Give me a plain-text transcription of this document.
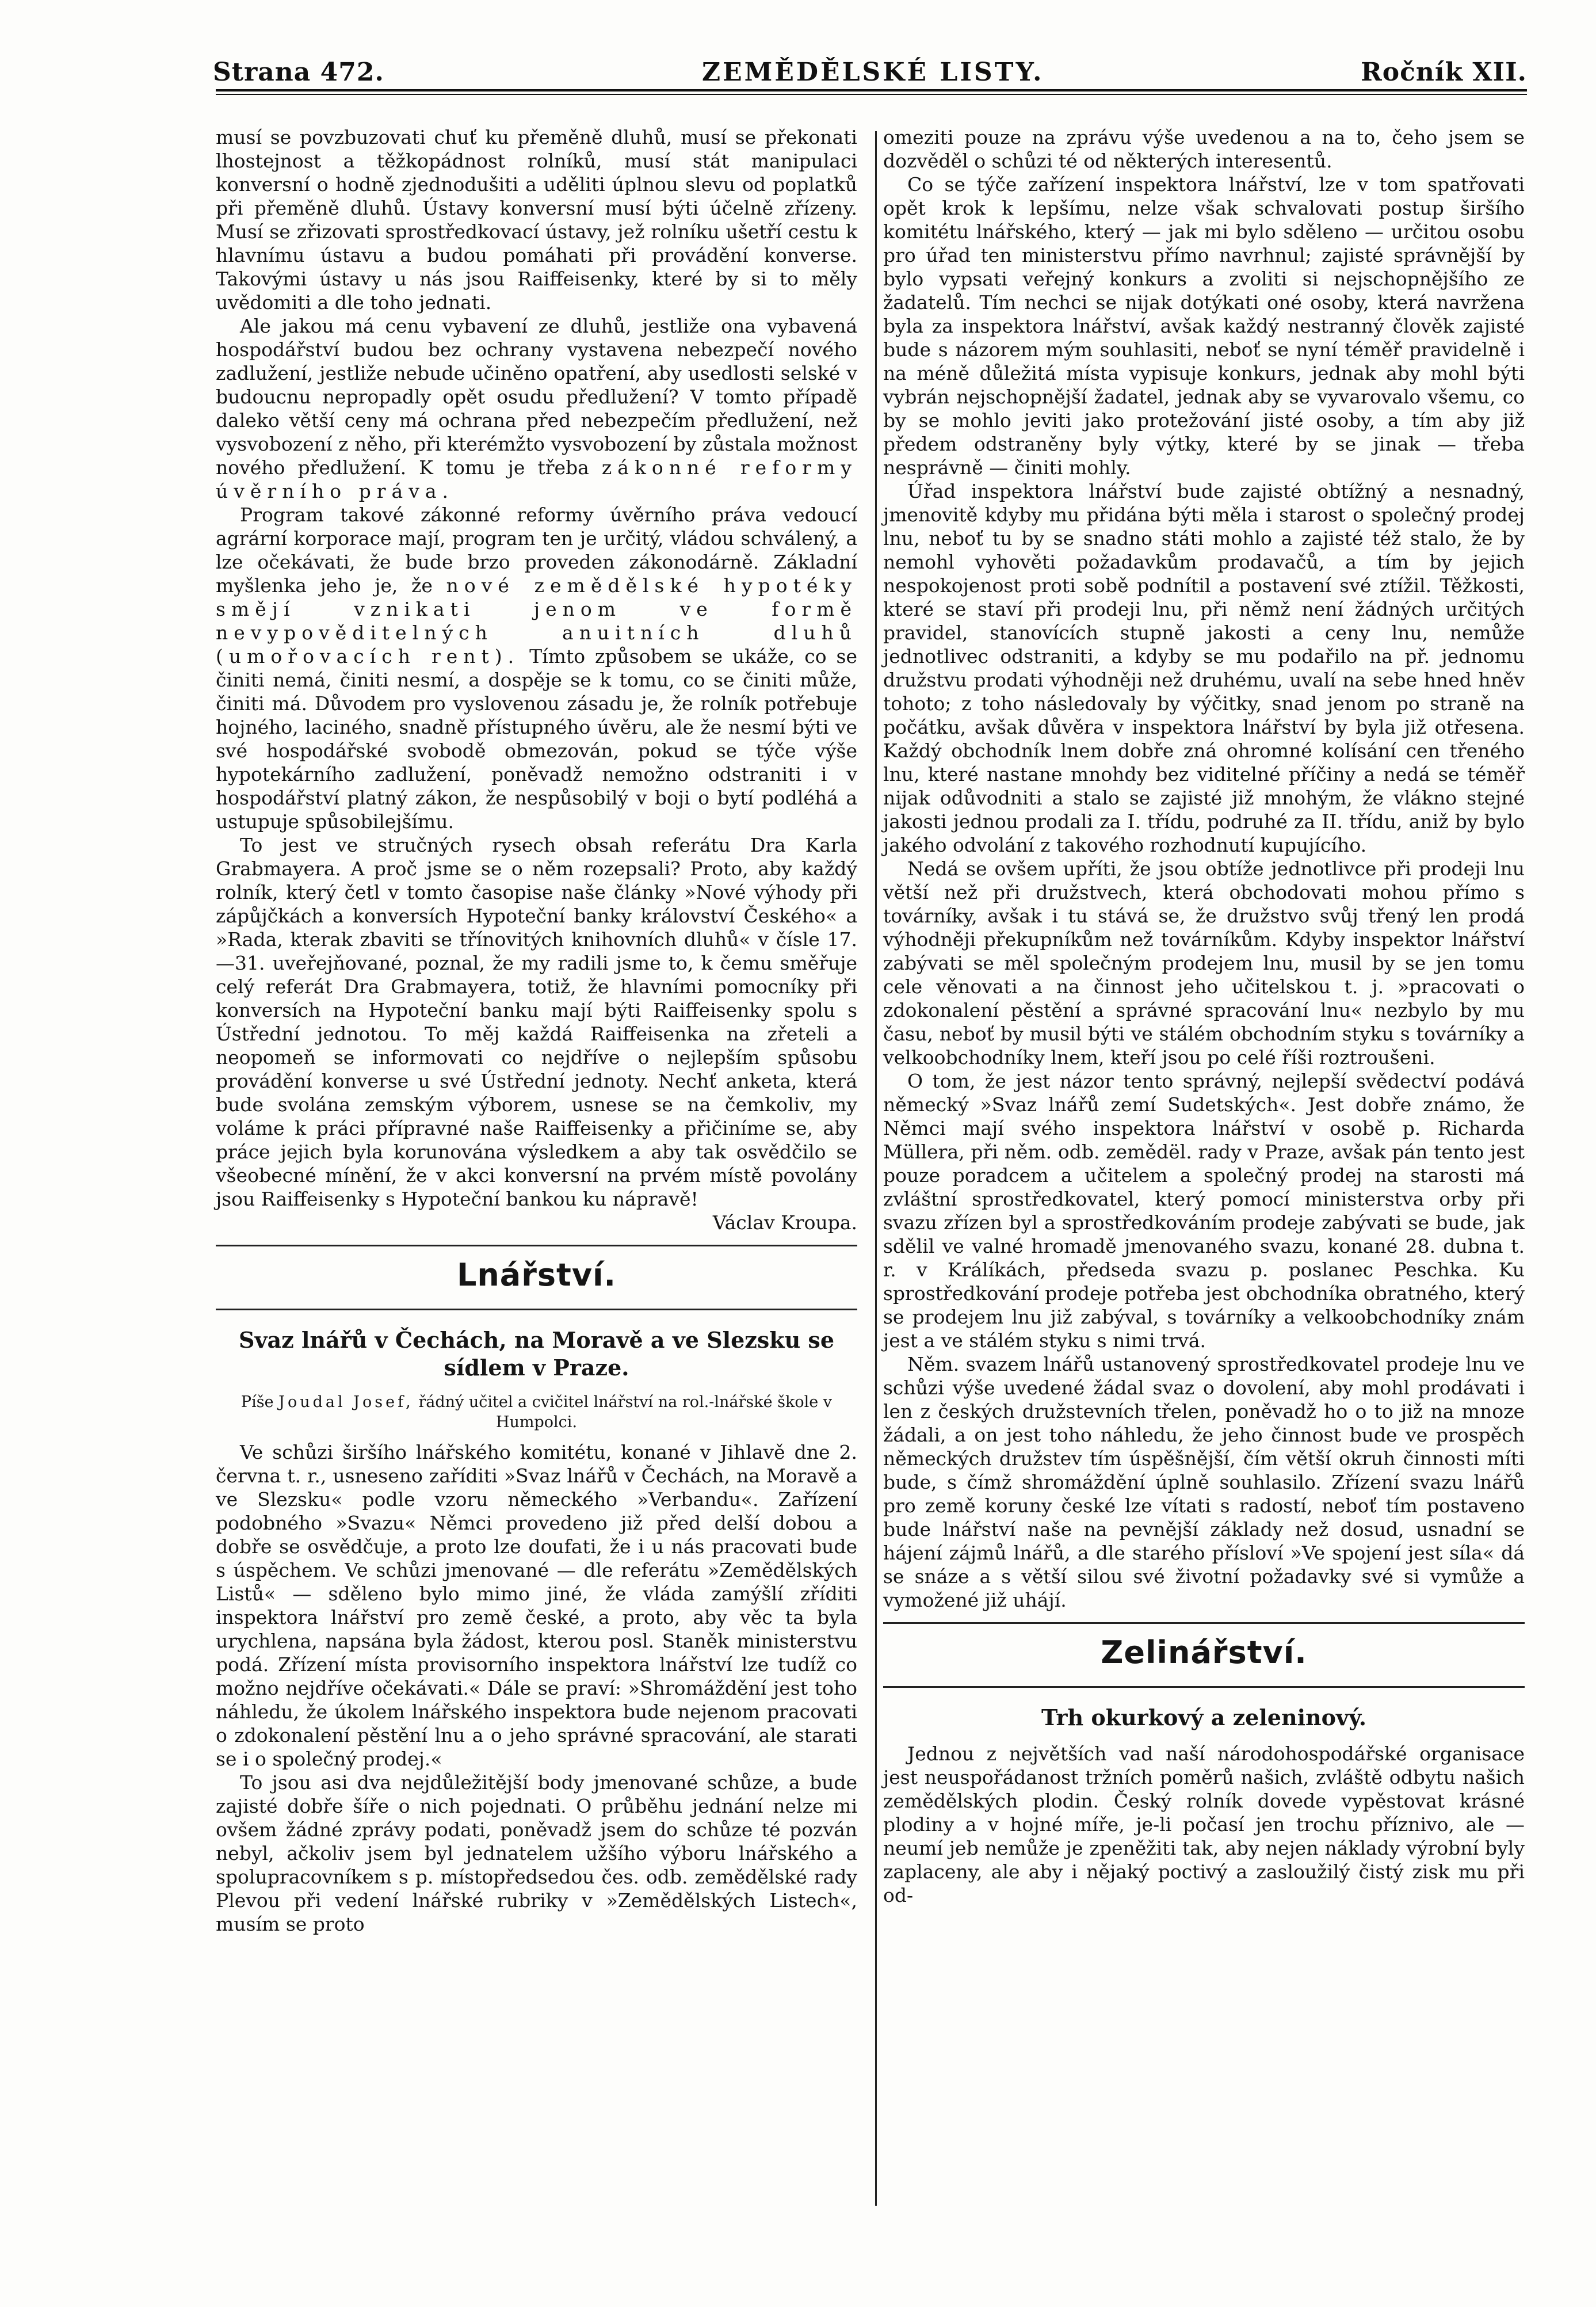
Strana 472.	ZEMĚDĚLSKÉ LISTY.	Ročník XII.

musí se povzbuzovati chuť ku přeměně dluhů, musí se překonati lhostejnost a těžkopádnost rolníků, musí stát manipulaci konversní o hodně zjednodušiti a uděliti úplnou slevu od poplatků při přeměně dluhů. Ústavy konversní musí býti účelně zřízeny. Musí se zřizovati sprostředkovací ústavy, jež rolníku ušetří cestu k hlavnímu ústavu a budou pomáhati při provádění konverse. Takovými ústavy u nás jsou Raiffeisenky, které by si to měly uvědomiti a dle toho jednati.

Ale jakou má cenu vybavení ze dluhů, jestliže ona vybavená hospodářství budou bez ochrany vystavena nebezpečí nového zadlužení, jestliže nebude učiněno opatření, aby usedlosti selské v budoucnu nepropadly opět osudu předlužení? V tomto případě daleko větší ceny má ochrana před nebezpečím předlužení, než vysvobození z něho, při kterémžto vysvobození by zůstala možnost nového předlužení. K tomu je třeba zákonné reformy úvěrního práva.

Program takové zákonné reformy úvěrního práva vedoucí agrární korporace mají, program ten je určitý, vládou schválený, a lze očekávati, že bude brzo proveden zákonodárně. Základní myšlenka jeho je, že nové zemědělské hypotéky smějí vznikati jenom ve formě nevypověditelných anuitních dluhů (umořovacích rent). Tímto způsobem se ukáže, co se činiti nemá, činiti nesmí, a dospěje se k tomu, co se činiti může, činiti má. Důvodem pro vyslovenou zásadu je, že rolník potřebuje hojného, laciného, snadně přístupného úvěru, ale že nesmí býti ve své hospodářské svobodě obmezován, pokud se týče výše hypotekárního zadlužení, poněvadž nemožno odstraniti i v hospodářství platný zákon, že nespůsobilý v boji o bytí podléhá a ustupuje spůsobilejšímu.

To jest ve stručných rysech obsah referátu Dra Karla Grabmayera. A proč jsme se o něm rozepsali? Proto, aby každý rolník, který četl v tomto časopise naše články »Nové výhody při zápůjčkách a konversích Hypoteční banky království Českého« a »Rada, kterak zbaviti se třínovitých knihovních dluhů« v čísle 17.—31. uveřejňované, poznal, že my radili jsme to, k čemu směřuje celý referát Dra Grabmayera, totiž, že hlavními pomocníky při konversích na Hypoteční banku mají býti Raiffeisenky spolu s Ústřední jednotou. To měj každá Raiffeisenka na zřeteli a neopomeň se informovati co nejdříve o nejlepším spůsobu provádění konverse u své Ústřední jednoty. Nechť anketa, která bude svolána zemským výborem, usnese se na čemkoliv, my voláme k práci přípravné naše Raiffeisenky a přičiníme se, aby práce jejich byla korunována výsledkem a aby tak osvědčilo se všeobecné mínění, že v akci konversní na prvém místě povolány jsou Raiffeisenky s Hypoteční bankou ku nápravě!

Václav Kroupa.

Lnářství.
Svaz lnářů v Čechách, na Moravě a ve Slezsku se sídlem v Praze.
Píše Joudal Josef, řádný učitel a cvičitel lnářství na rol.-lnářské škole v Humpolci.

Ve schůzi širšího lnářského komitétu, konané v Jihlavě dne 2. června t. r., usneseno zaříditi »Svaz lnářů v Čechách, na Moravě a ve Slezsku« podle vzoru německého »Verbandu«. Zařízení podobného »Svazu« Němci provedeno již před delší dobou a dobře se osvědčuje, a proto lze doufati, že i u nás pracovati bude s úspěchem. Ve schůzi jmenované — dle referátu »Zemědělských Listů« — sděleno bylo mimo jiné, že vláda zamýšlí zříditi inspektora lnářství pro země české, a proto, aby věc ta byla urychlena, napsána byla žádost, kterou posl. Staněk ministerstvu podá. Zřízení místa provisorního inspektora lnářství lze tudíž co možno nejdříve očekávati.« Dále se praví: »Shromáždění jest toho náhledu, že úkolem lnářského inspektora bude nejenom pracovati o zdokonalení pěstění lnu a o jeho správné spracování, ale starati se i o společný prodej.«

To jsou asi dva nejdůležitější body jmenované schůze, a bude zajisté dobře šíře o nich pojednati. O průběhu jednání nelze mi ovšem žádné zprávy podati, poněvadž jsem do schůze té pozván nebyl, ačkoliv jsem byl jednatelem užšího výboru lnářského a spolupracovníkem s p. místopředsedou čes. odb. zemědělské rady Plevou při vedení lnářské rubriky v »Zemědělských Listech«, musím se proto

omeziti pouze na zprávu výše uvedenou a na to, čeho jsem se dozvěděl o schůzi té od některých interesentů.

Co se týče zařízení inspektora lnářství, lze v tom spatřovati opět krok k lepšímu, nelze však schvalovati postup širšího komitétu lnářského, který — jak mi bylo sděleno — určitou osobu pro úřad ten ministerstvu přímo navrhnul; zajisté správnější by bylo vypsati veřejný konkurs a zvoliti si nejschopnějšího ze žadatelů. Tím nechci se nijak dotýkati oné osoby, která navržena byla za inspektora lnářství, avšak každý nestranný člověk zajisté bude s názorem mým souhlasiti, neboť se nyní téměř pravidelně i na méně důležitá místa vypisuje konkurs, jednak aby mohl býti vybrán nejschopnější žadatel, jednak aby se vyvarovalo všemu, co by se mohlo jeviti jako protežování jisté osoby, a tím aby již předem odstraněny byly výtky, které by se jinak — třeba nesprávně — činiti mohly.

Úřad inspektora lnářství bude zajisté obtížný a nesnadný, jmenovitě kdyby mu přidána býti měla i starost o společný prodej lnu, neboť tu by se snadno státi mohlo a zajisté též stalo, že by nemohl vyhověti požadavkům prodavačů, a tím by jejich nespokojenost proti sobě podnítil a postavení své ztížil. Těžkosti, které se staví při prodeji lnu, při němž není žádných určitých pravidel, stanovících stupně jakosti a ceny lnu, nemůže jednotlivec odstraniti, a kdyby se mu podařilo na př. jednomu družstvu prodati výhodněji než druhému, uvalí na sebe hned hněv tohoto; z toho následovaly by výčitky, snad jenom po straně na počátku, avšak důvěra v inspektora lnářství by byla již otřesena. Každý obchodník lnem dobře zná ohromné kolísání cen třeného lnu, které nastane mnohdy bez viditelné příčiny a nedá se téměř nijak odůvodniti a stalo se zajisté již mnohým, že vlákno stejné jakosti jednou prodali za I. třídu, podruhé za II. třídu, aniž by bylo jakého odvolání z takového rozhodnutí kupujícího.

Nedá se ovšem upříti, že jsou obtíže jednotlivce při prodeji lnu větší než při družstvech, která obchodovati mohou přímo s továrníky, avšak i tu stává se, že družstvo svůj třený len prodá výhodněji překupníkům než továrníkům. Kdyby inspektor lnářství zabývati se měl společným prodejem lnu, musil by se jen tomu cele věnovati a na činnost jeho učitelskou t. j. »pracovati o zdokonalení pěstění a správné spracování lnu« nezbylo by mu času, neboť by musil býti ve stálém obchodním styku s továrníky a velkoobchodníky lnem, kteří jsou po celé říši roztroušeni.

O tom, že jest názor tento správný, nejlepší svědectví podává německý »Svaz lnářů zemí Sudetských«. Jest dobře známo, že Němci mají svého inspektora lnářství v osobě p. Richarda Müllera, při něm. odb. zemědël. rady v Praze, avšak pán tento jest pouze poradcem a učitelem a společný prodej na starosti má zvláštní sprostředkovatel, který pomocí ministerstva orby při svazu zřízen byl a sprostředkováním prodeje zabývati se bude, jak sdělil ve valné hromadě jmenovaného svazu, konané 28. dubna t. r. v Králíkách, předseda svazu p. poslanec Peschka. Ku sprostředkování prodeje potřeba jest obchodníka obratného, který se prodejem lnu již zabýval, s továrníky a velkoobchodníky znám jest a ve stálém styku s nimi trvá.

Něm. svazem lnářů ustanovený sprostředkovatel prodeje lnu ve schůzi výše uvedené žádal svaz o dovolení, aby mohl prodávati i len z českých družstevních třelen, poněvadž ho o to již na mnoze žádali, a on jest toho náhledu, že jeho činnost bude ve prospěch německých družstev tím úspěšnější, čím větší okruh činnosti míti bude, s čímž shromáždění úplně souhlasilo. Zřízení svazu lnářů pro země koruny české lze vítati s radostí, neboť tím postaveno bude lnářství naše na pevnější základy než dosud, usnadní se hájení zájmů lnářů, a dle starého přísloví »Ve spojení jest síla« dá se snáze a s větší silou své životní požadavky své si vymůže a vymožené již uhájí.

Zelinářství.
Trh okurkový a zeleninový.

Jednou z největších vad naší národohospodářské organisace jest neuspořádanost tržních poměrů našich, zvláště odbytu našich zemědělských plodin. Český rolník dovede vypěstovat krásné plodiny a v hojné míře, je-li počasí jen trochu příznivo, ale — neumí jeb nemůže je zpeněžiti tak, aby nejen náklady výrobní byly zaplaceny, ale aby i nějaký poctivý a zasloužilý čistý zisk mu při od-
